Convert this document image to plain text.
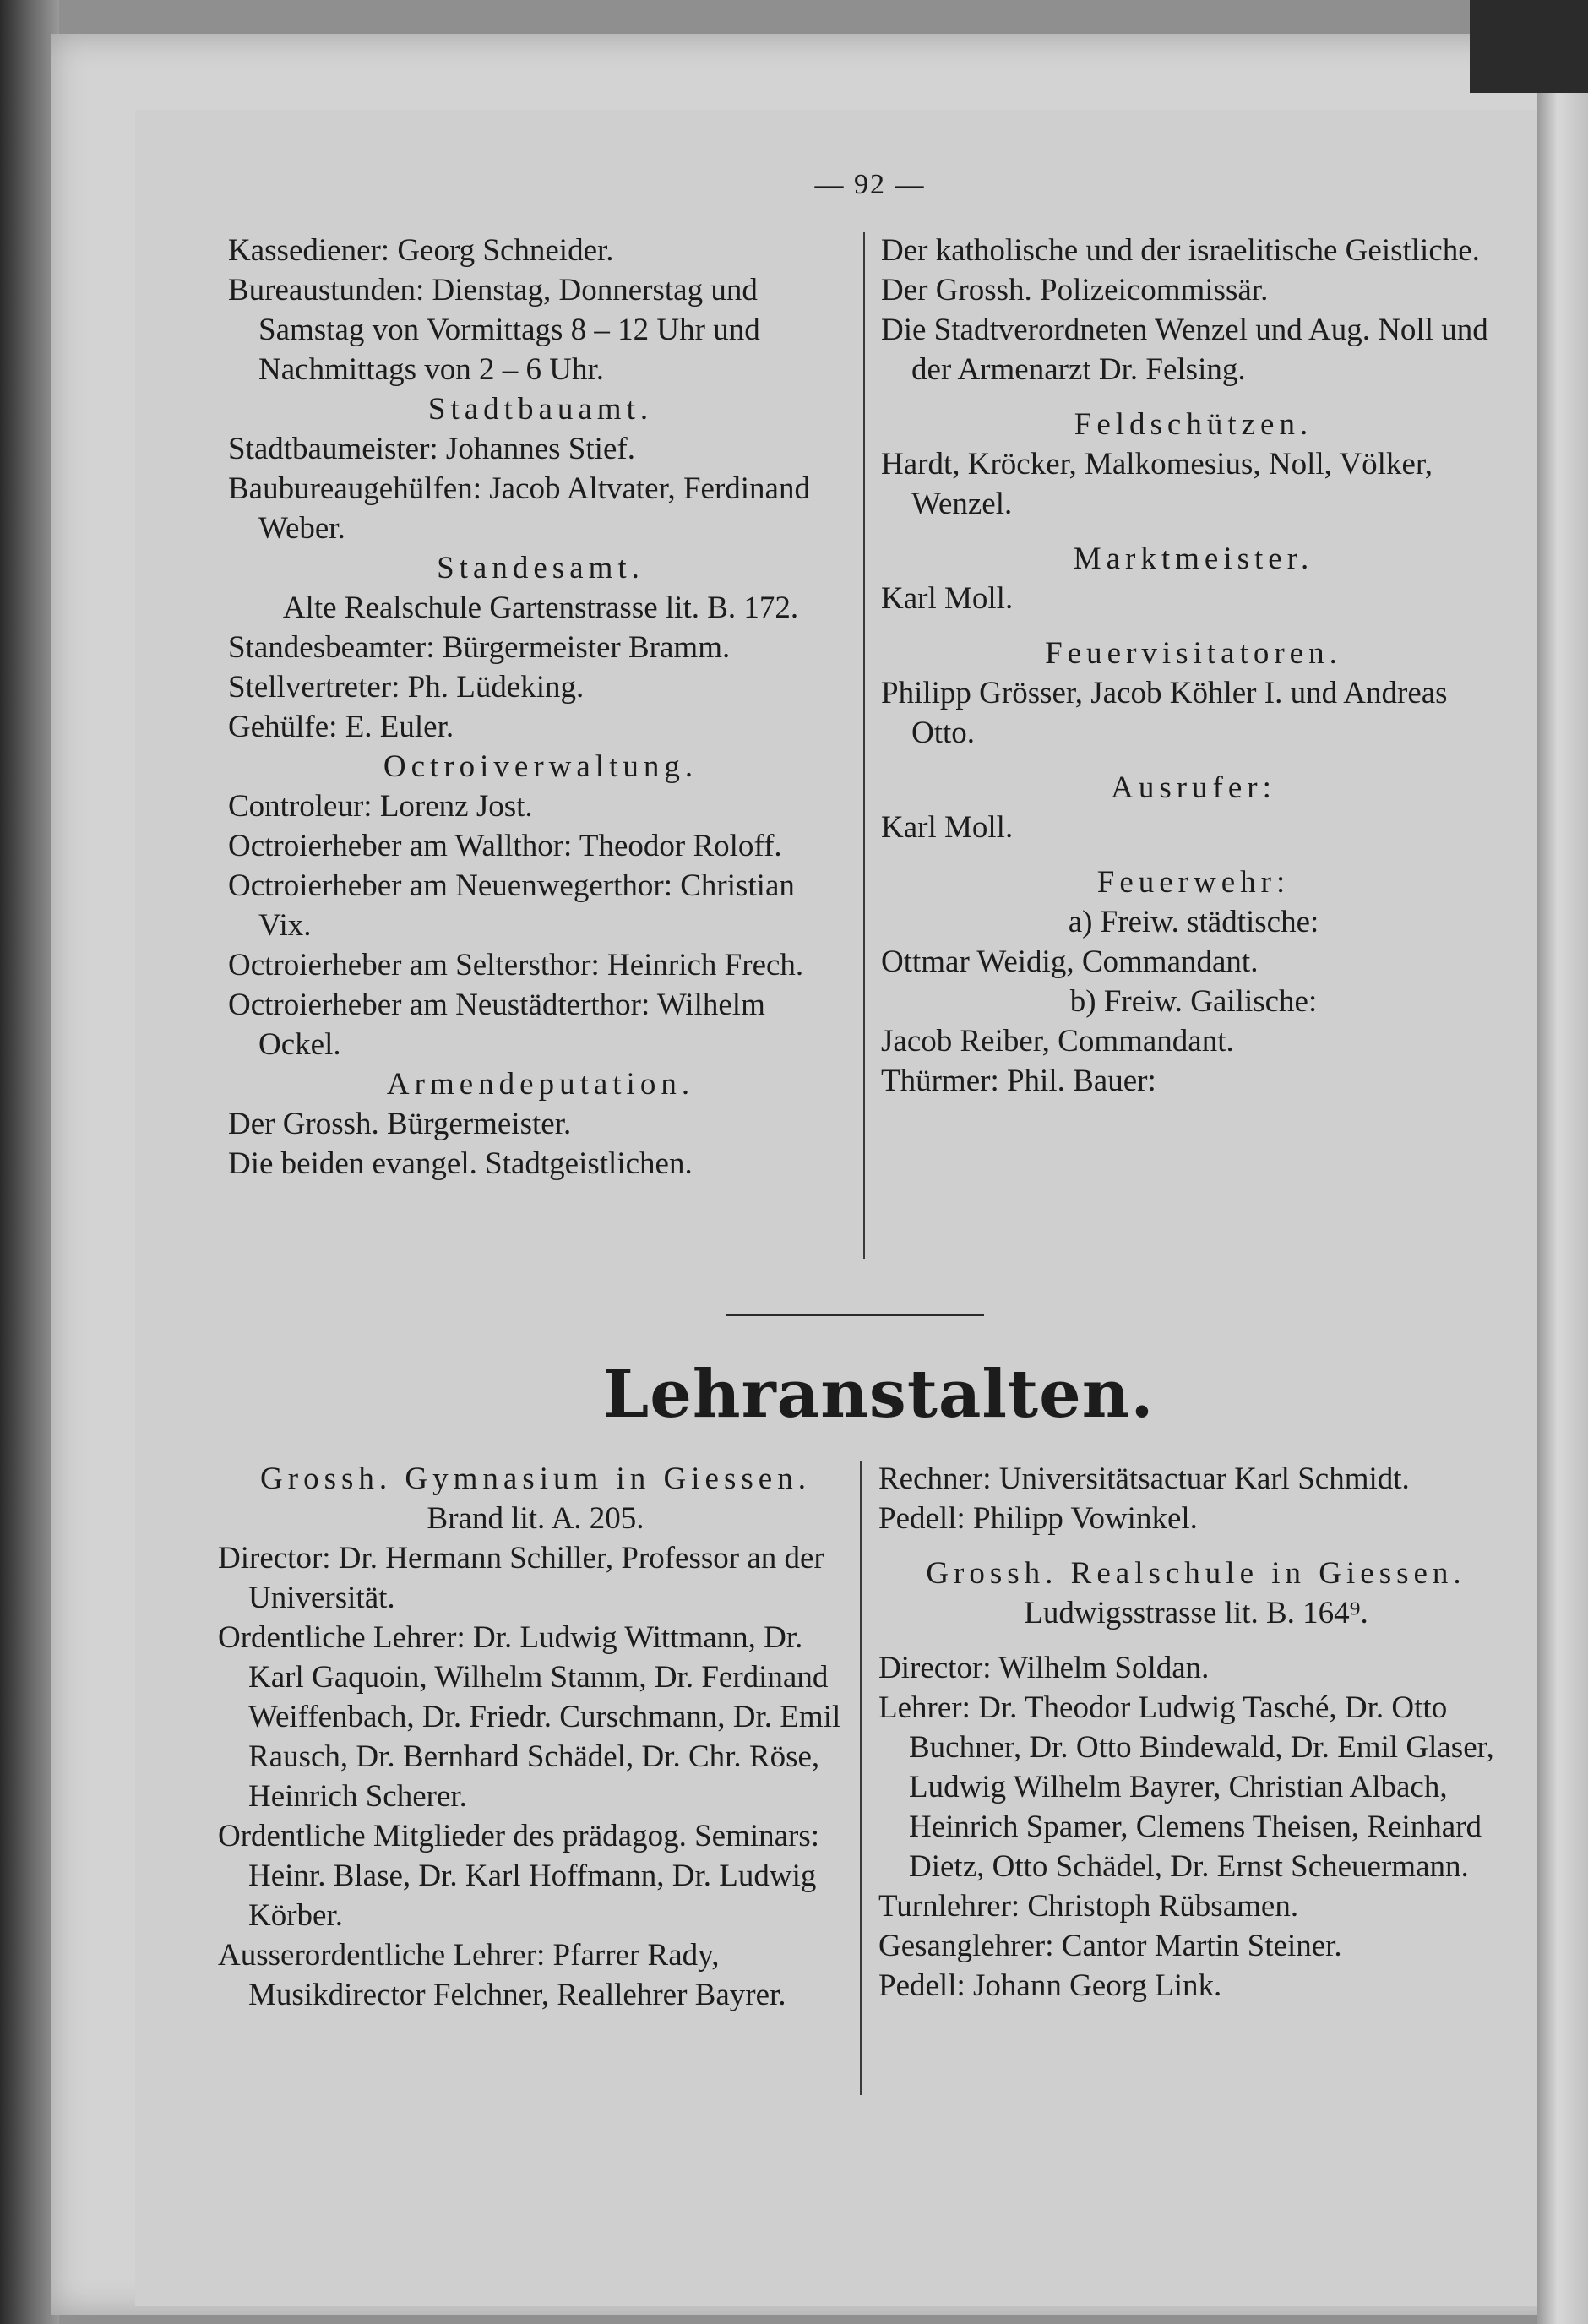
— 92 —
Kassediener: Georg Schneider.
Bureaustunden: Dienstag, Donnerstag und Samstag von Vormittags 8 – 12 Uhr und Nachmittags von 2 – 6 Uhr.
Stadtbauamt.
Stadtbaumeister: Johannes Stief.
Baubureaugehülfen: Jacob Altvater, Ferdinand Weber.
Standesamt.
Alte Realschule Gartenstrasse lit. B. 172.
Standesbeamter: Bürgermeister Bramm.
Stellvertreter: Ph. Lüdeking.
Gehülfe: E. Euler.
Octroiverwaltung.
Controleur: Lorenz Jost.
Octroierheber am Wallthor: Theodor Roloff.
Octroierheber am Neuenwegerthor: Christian Vix.
Octroierheber am Seltersthor: Heinrich Frech.
Octroierheber am Neustädterthor: Wilhelm Ockel.
Armendeputation.
Der Grossh. Bürgermeister.
Die beiden evangel. Stadtgeistlichen.
Der katholische und der israelitische Geistliche.
Der Grossh. Polizeicommissär.
Die Stadtverordneten Wenzel und Aug. Noll und der Armenarzt Dr. Felsing.
Feldschützen.
Hardt, Kröcker, Malkomesius, Noll, Völker, Wenzel.
Marktmeister.
Karl Moll.
Feuervisitatoren.
Philipp Grösser, Jacob Köhler I. und Andreas Otto.
Ausrufer:
Karl Moll.
Feuerwehr:
a) Freiw. städtische:
Ottmar Weidig, Commandant.
b) Freiw. Gailische:
Jacob Reiber, Commandant.
Thürmer: Phil. Bauer:
Lehranstalten.
Grossh. Gymnasium in Giessen.
Brand lit. A. 205.
Director: Dr. Hermann Schiller, Professor an der Universität.
Ordentliche Lehrer: Dr. Ludwig Wittmann, Dr. Karl Gaquoin, Wilhelm Stamm, Dr. Ferdinand Weiffenbach, Dr. Friedr. Curschmann, Dr. Emil Rausch, Dr. Bernhard Schädel, Dr. Chr. Röse, Heinrich Scherer.
Ordentliche Mitglieder des prädagog. Seminars: Heinr. Blase, Dr. Karl Hoffmann, Dr. Ludwig Körber.
Ausserordentliche Lehrer: Pfarrer Rady, Musikdirector Felchner, Reallehrer Bayrer.
Rechner: Universitätsactuar Karl Schmidt.
Pedell: Philipp Vowinkel.
Grossh. Realschule in Giessen.
Ludwigsstrasse lit. B. 164⁹.
Director: Wilhelm Soldan.
Lehrer: Dr. Theodor Ludwig Tasché, Dr. Otto Buchner, Dr. Otto Bindewald, Dr. Emil Glaser, Ludwig Wilhelm Bayrer, Christian Albach, Heinrich Spamer, Clemens Theisen, Reinhard Dietz, Otto Schädel, Dr. Ernst Scheuermann.
Turnlehrer: Christoph Rübsamen.
Gesanglehrer: Cantor Martin Steiner.
Pedell: Johann Georg Link.
